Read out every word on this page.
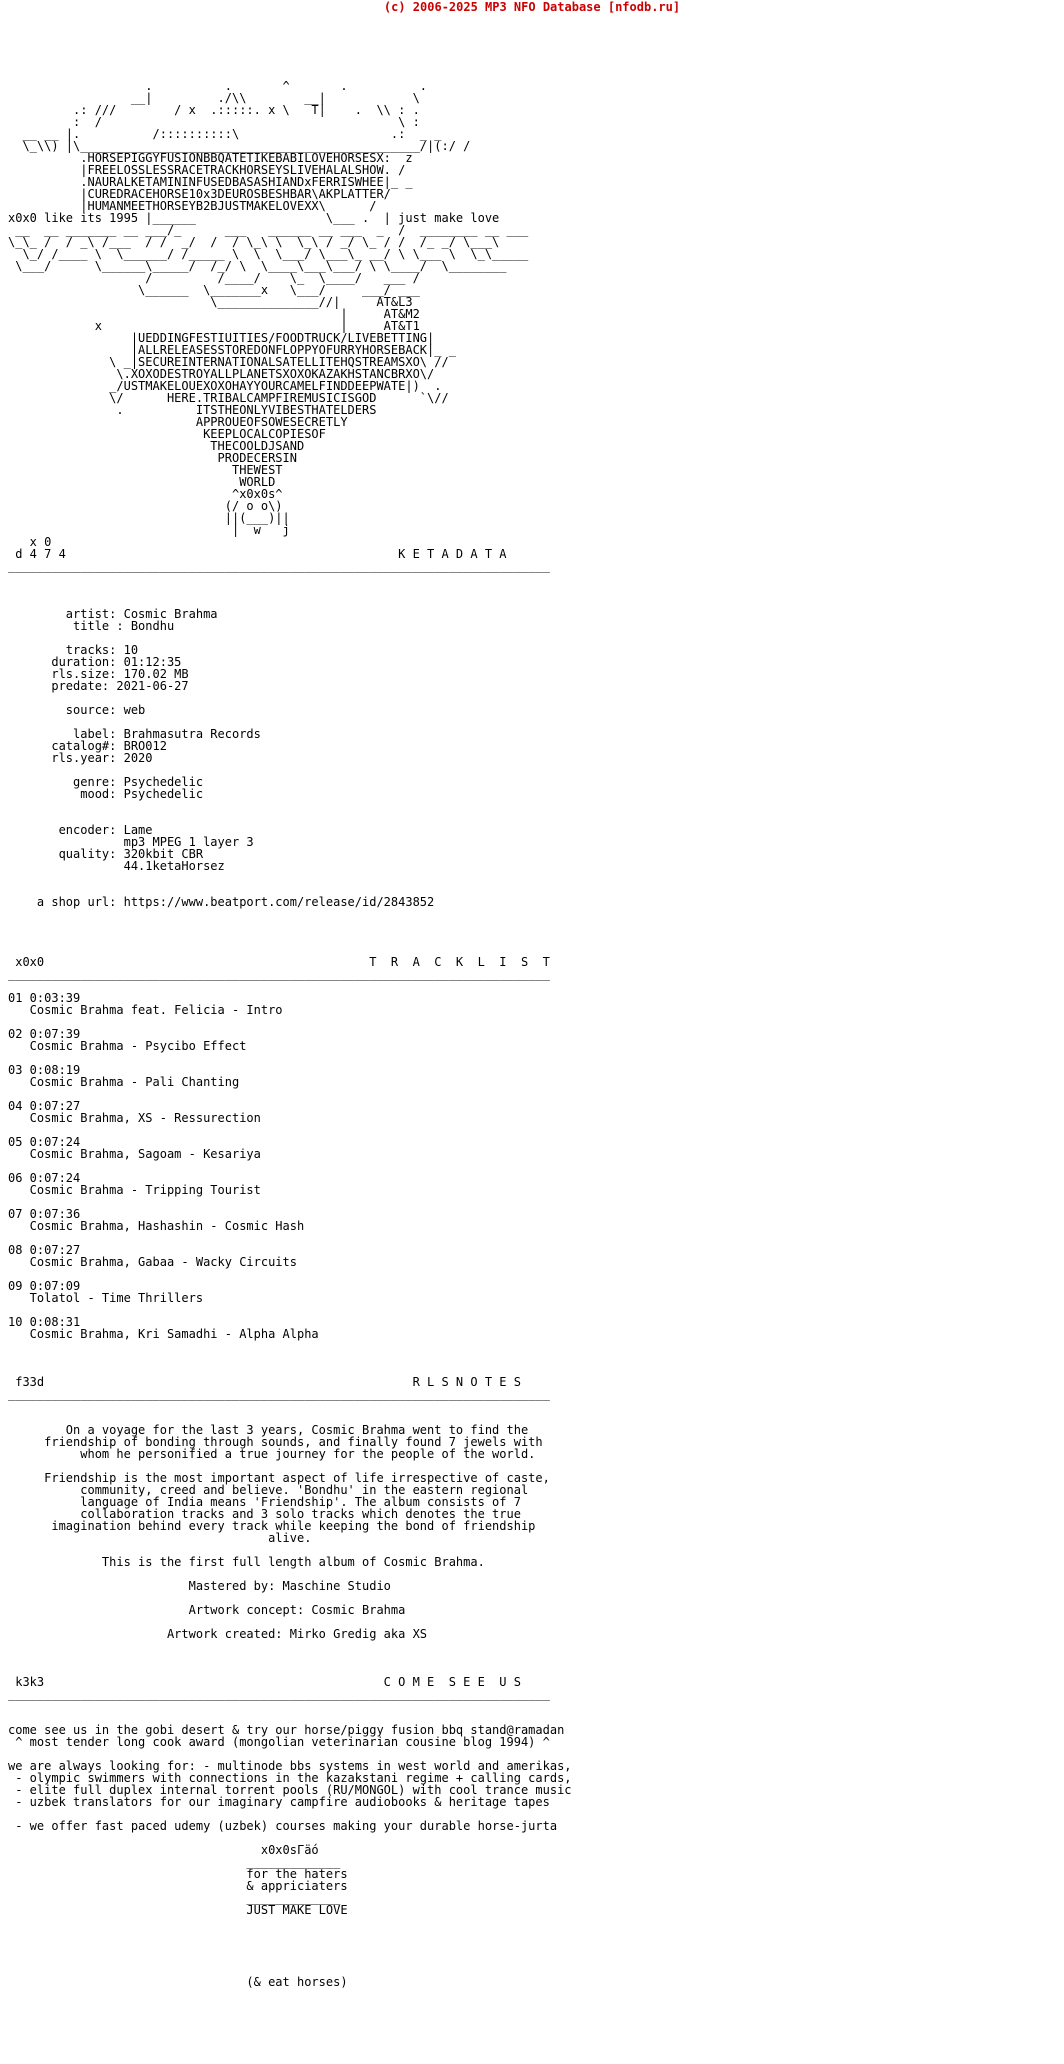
(c) 2006-2025 MP3 NFO Database [nfodb.ru]
.          .       ^       .          .
__|         ./\\        __|            \
.: ///        / x  .:::::. x \   T|    .  \\ : .
:  /                                         \ :
__ __ |.          /::::::::::\                     .:  _ _
\_\\) |\_______________________________________________/|(:/ /
.HORSEPIGGYFUSIONBBQATETIKEBABILOVEHORSESX:  z
|FREELOSSLESSRACETRACKHORSEYSLIVEHALALSHOW. /
.NAURALKETAMININFUSEDBASASHIANDxFERRISWHEE|_ _
|CUREDRACEHORSE10x3DEUROSBESHBAR\AKPLATTER/
|HUMANMEETHORSEYB2BJUSTMAKELOVEXX\      /
x0x0 like its 1995 |______                  \___ .  | just make love
__  __ _______ __ ___/_      ___   ______ __ ___  _  /  ________ __ ___
\_\_ /  / _\ /___  / /  _/  /  / \_\ \  \_\ / _/ \_ / /  /_ _/ \___\
\_/ /____ \  \______/ /_____ \  \  \___/ \___\_ __/ \ \___ \  \_\_____
\___/      \______\_____/  /_/ \  \____\___\___/ \ \____/  \________
/         /____/    \_  \____/   ___ /
\______  \_______x   \___/     ___/ ___
\______________//|     AT&L3
|     AT&M2
x                                 |     AT&T1
|UEDDINGFESTIUITIES/FOODTRUCK/LIVEBETTING|
|ALLRELEASESSTOREDONFLOPPYOFURRYHORSEBACK|_ _
\ _|SECUREINTERNATIONALSATELLITEHQSTREAMSXO\ //
\.XOXODESTROYALLPLANETSXOXOKAZAKHSTANCBRXO\/
_/USTMAKELOUEXOXOHAYYOURCAMELFINDDEEPWATE|)  .
\/      HERE.TRIBALCAMPFIREMUSICISGOD      `\//
.          ITSTHEONLYVIBESTHATELDERS
APPROUEOFSOWESECRETLY
KEEPLOCALCOPIESOF
THECOOLDJSAND
PRODECERSIN
THEWEST
WORLD
^x0x0s^
(/ o o\)
||(___)||
|  w   j
x 0
d 4 7 4                                              K E T A D A T A
___________________________________________________________________________

artist: Cosmic Brahma
title : Bondhu

tracks: 10
duration: 01:12:35
rls.size: 170.02 MB
predate: 2021-06-27

source: web

label: Brahmasutra Records
catalog#: BRO012
rls.year: 2020

genre: Psychedelic
mood: Psychedelic

encoder: Lame
mp3 MPEG 1 layer 3
quality: 320kbit CBR
44.1ketaHorsez

a shop url: https://www.beatport.com/release/id/2843852

x0x0                                             T  R  A  C  K  L  I  S  T
___________________________________________________________________________

01 0:03:39
Cosmic Brahma feat. Felicia - Intro

02 0:07:39
Cosmic Brahma - Psycibo Effect

03 0:08:19
Cosmic Brahma - Pali Chanting

04 0:07:27
Cosmic Brahma, XS - Ressurection

05 0:07:24
Cosmic Brahma, Sagoam - Kesariya

06 0:07:24
Cosmic Brahma - Tripping Tourist

07 0:07:36
Cosmic Brahma, Hashashin - Cosmic Hash

08 0:07:27
Cosmic Brahma, Gabaa - Wacky Circuits

09 0:07:09
Tolatol - Time Thrillers

10 0:08:31
Cosmic Brahma, Kri Samadhi - Alpha Alpha

f33d                                                   R L S N O T E S
___________________________________________________________________________

On a voyage for the last 3 years, Cosmic Brahma went to find the
friendship of bonding through sounds, and finally found 7 jewels with
whom he personified a true journey for the people of the world.

Friendship is the most important aspect of life irrespective of caste,
community, creed and believe. 'Bondhu' in the eastern regional
language of India means 'Friendship'. The album consists of 7
collaboration tracks and 3 solo tracks which denotes the true
imagination behind every track while keeping the bond of friendship
alive.

This is the first full length album of Cosmic Brahma.

Mastered by: Maschine Studio

Artwork concept: Cosmic Brahma

Artwork created: Mirko Gredig aka XS

k3k3                                               C O M E  S E E  U S
___________________________________________________________________________

come see us in the gobi desert & try our horse/piggy fusion bbq stand@ramadan
^ most tender long cook award (mongolian veterinarian cousine blog 1994) ^

we are always looking for: - multinode bbs systems in west world and amerikas,
- olympic swimmers with connections in the kazakstani regime + calling cards,
- elite full duplex internal torrent pools (RU/MONGOL) with cool trance music
- uzbek translators for our imaginary campfire audiobooks & heritage tapes

- we offer fast paced udemy (uzbek) courses making your durable horse-jurta

x0x0sГäó
_____________
for the haters
& appriciaters
_____________
JUST MAKE LOVE

(& eat horses)
